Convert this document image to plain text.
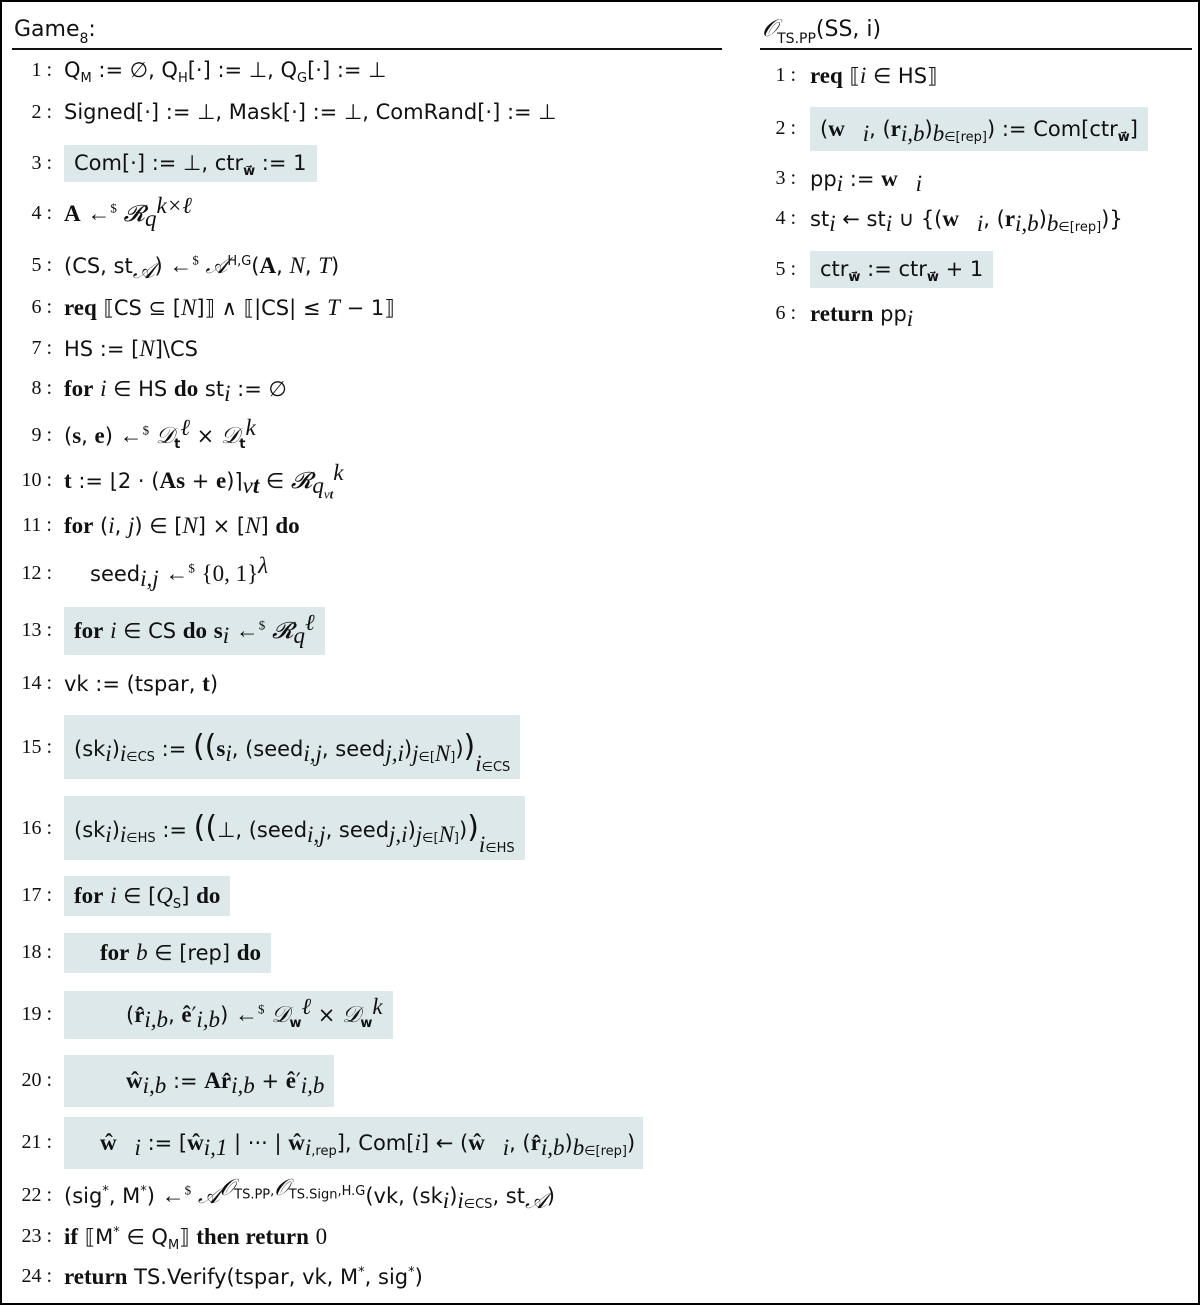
Game 8 :
1 : $Q_M$ := ∅, $Q_H[\cdot]$ := ⊥, $Q_G[\cdot]$ := ⊥
2 : Signed[·] := ⊥, Mask[·] := ⊥, ComRand[·] := ⊥
3 :	Com[·] := ⊥, ctr$_{w⃗}$ := 1
4 : A ←$ 𝓡$_q^{k\times\ell}$
5 : (CS, $st_𝒜$) ←$ 𝒜$^{H,G}$(A, N, T)
6 : req ⟦CS ⊆ [N]⟧ ∧ ⟦|CS| ≤ T − 1⟧
7 : HS := [N]\CS
8 : for i ∈ HS do $st_i$ := ∅
9 : (s, e) ←$ 𝒟$_t^\ell$ × 𝒟$_t^k$
10 : t := ⌊2 · $(As + e)⌉_{\nu t}$ ∈ 𝓡$_{q_{\nu t}}^k$
11 : for (i, j) ∈ [N] × [N] do
12 :	seed$_{i,j}$ ←$ {0, 1}$^\lambda$
13 : for i ∈ CS do $s_i$ ←$ 𝓡$_q^\ell$
14 : vk := (tspar, t)
15 :	$(sk_i)_{i\in CS}$ := (($s_i$, (seed$_{i,j}$, $seed_{j,i})_{j\in[N]}))_{i\in CS}$
16 :	$(sk_i)_{i\in HS}$ := ((⊥, (seed$_{i,j}$, $seed_{j,i})_{j\in[N]}))_{i\in HS}$
17 : for i ∈ $[Q_S]$ do
18 :	for b ∈ [rep] do
19 :	($r̂_{i,b}$, $ê'_{i,b}$) ←$ 𝒟$_w^\ell$ × 𝒟$_w^k$
20 :	$ŵ_{i,b}$ := $Ar̂_{i,b}$ + $ê'_{i,b}$
21 :	$ŵ⃗_i$ := [$ŵ_{i,1}$ | ··· | $ŵ_{i,rep}$], Com[i] ← ($ŵ⃗_i$, $(r̂_{i,b})_{b\in[rep]}$)
22 : (sig*, M*) ←$ 𝒜$^{𝒪_{TS.PP},𝒪_{TS.Sign},H.G}$(vk, $(sk_i)_{i\in CS}$, $st_𝒜$)
23 : if ⟦M* ∈ $Q_M⟧$ then return 0
24 : return TS.Verify(tspar, vk, M*, sig*)
𝒪 TS.PP (SS, i)
1 : req ⟦i ∈ HS⟧
2 :	($w⃗_i$, $(r_{i,b})_{b\in[rep]}$) := Com[ctr$_{w⃗}$]
3 : $pp_i$ := $w⃗_i$
4 : $st_i$ ← $st_i$ ∪ {($w⃗_i$, $(r_{i,b})_{b\in[rep]}$)}
5 :	ctr$_{w⃗}$ := ctr$_{w⃗}$ + 1
6 : return $pp_i$
